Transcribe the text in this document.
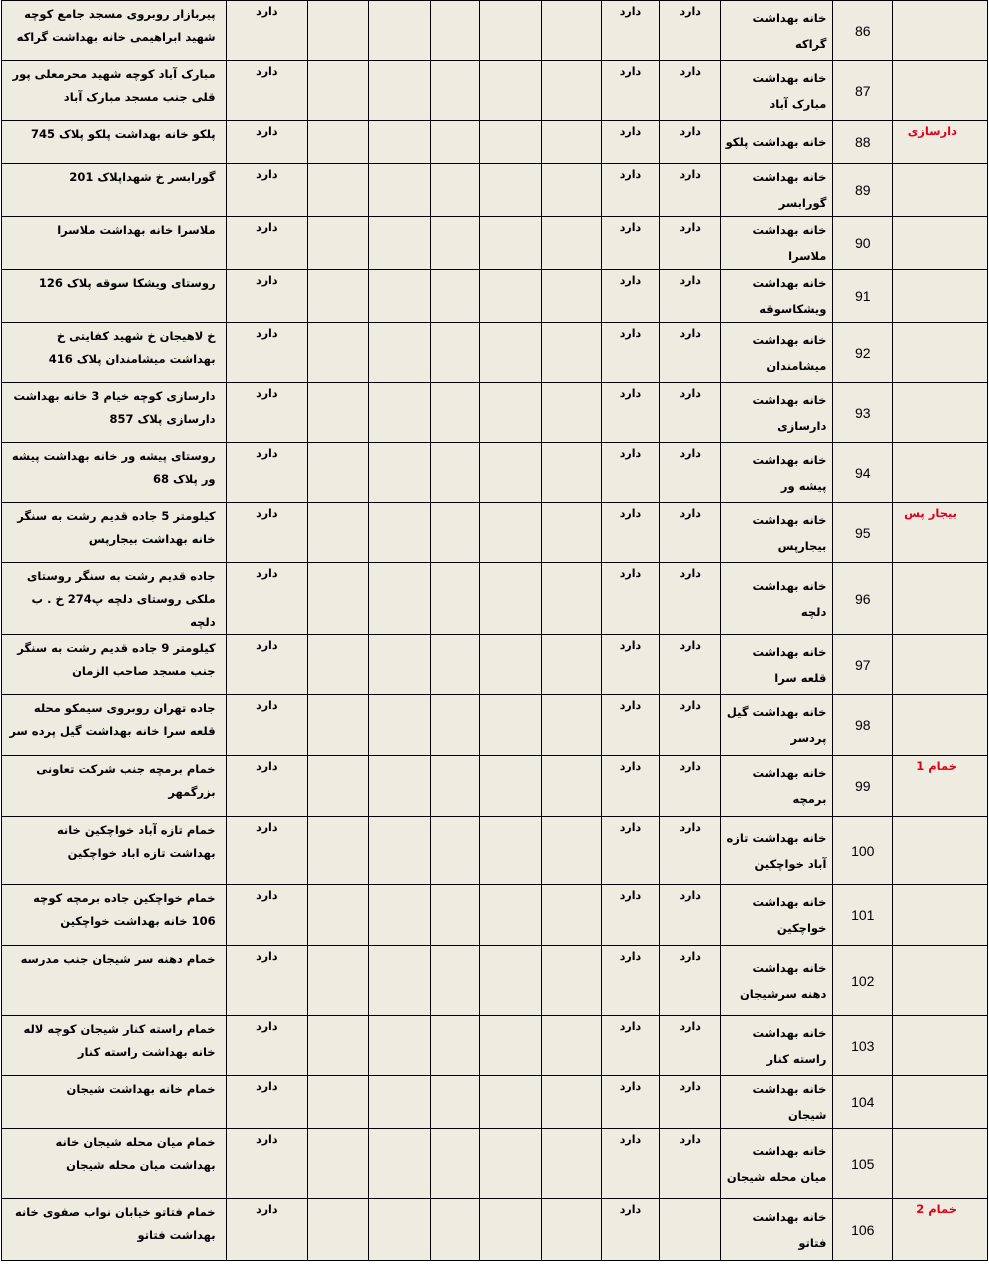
پیربازار روبروی مسجد جامع کوچه شهید ابراهیمی خانه بهداشت گراکه	دارد						دارد	دارد	خانه بهداشت گراکه	86	
مبارک آباد کوچه شهید محرمعلی پور قلی جنب مسجد مبارک آباد	دارد						دارد	دارد	خانه بهداشت مبارک آباد	87	
پلکو خانه بهداشت پلکو پلاک 745	دارد						دارد	دارد	خانه بهداشت پلکو	88	دارسازی
گورابسر خ شهداپلاک 201	دارد						دارد	دارد	خانه بهداشت گورابسر	89	
ملاسرا خانه بهداشت ملاسرا	دارد						دارد	دارد	خانه بهداشت ملاسرا	90	
روستای ویشکا سوقه پلاک 126	دارد						دارد	دارد	خانه بهداشت ویشکاسوقه	91	
خ لاهیجان خ شهید کفایتی خ بهداشت میشامندان پلاک 416	دارد						دارد	دارد	خانه بهداشت میشامندان	92	
دارسازی کوچه خیام 3 خانه بهداشت دارسازی پلاک 857	دارد						دارد	دارد	خانه بهداشت دارسازی	93	
روستای پیشه ور خانه بهداشت پیشه ور پلاک 68	دارد						دارد	دارد	خانه بهداشت پیشه ور	94	
کیلومتر 5 جاده قدیم رشت به سنگر خانه بهداشت بیجارپس	دارد						دارد	دارد	خانه بهداشت بیجارپس	95	بیجار پس
جاده قدیم رشت به سنگر روستای ملکی روستای دلچه پ274 خ . ب دلچه	دارد						دارد	دارد	خانه بهداشت دلچه	96	
کیلومتر 9 جاده قدیم رشت به سنگر جنب مسجد صاحب الزمان	دارد						دارد	دارد	خانه بهداشت قلعه سرا	97	
جاده تهران روبروی سیمکو محله قلعه سرا خانه بهداشت گیل پرده سر	دارد						دارد	دارد	خانه بهداشت گیل پردسر	98	
خمام برمچه جنب شرکت تعاونی بزرگمهر	دارد						دارد	دارد	خانه بهداشت برمچه	99	خمام 1
خمام تازه آباد خواچکین خانه بهداشت تازه اباد خواچکین	دارد						دارد	دارد	خانه بهداشت تازه آباد خواچکین	100	
خمام خواچکین جاده برمچه کوچه 106 خانه بهداشت خواچکین	دارد						دارد	دارد	خانه بهداشت خواچکین	101	
خمام دهنه سر شیجان جنب مدرسه	دارد						دارد	دارد	خانه بهداشت دهنه سرشیجان	102	
خمام راسته کنار شیجان کوچه لاله خانه بهداشت راسته کنار	دارد						دارد	دارد	خانه بهداشت راسته کنار	103	
خمام خانه بهداشت شیجان	دارد						دارد	دارد	خانه بهداشت شیجان	104	
خمام میان محله شیجان خانه بهداشت میان محله شیجان	دارد						دارد	دارد	خانه بهداشت میان محله شیجان	105	
خمام فتاتو خیابان نواب صفوی خانه بهداشت فتاتو	دارد						دارد		خانه بهداشت فتاتو	106	خمام 2
